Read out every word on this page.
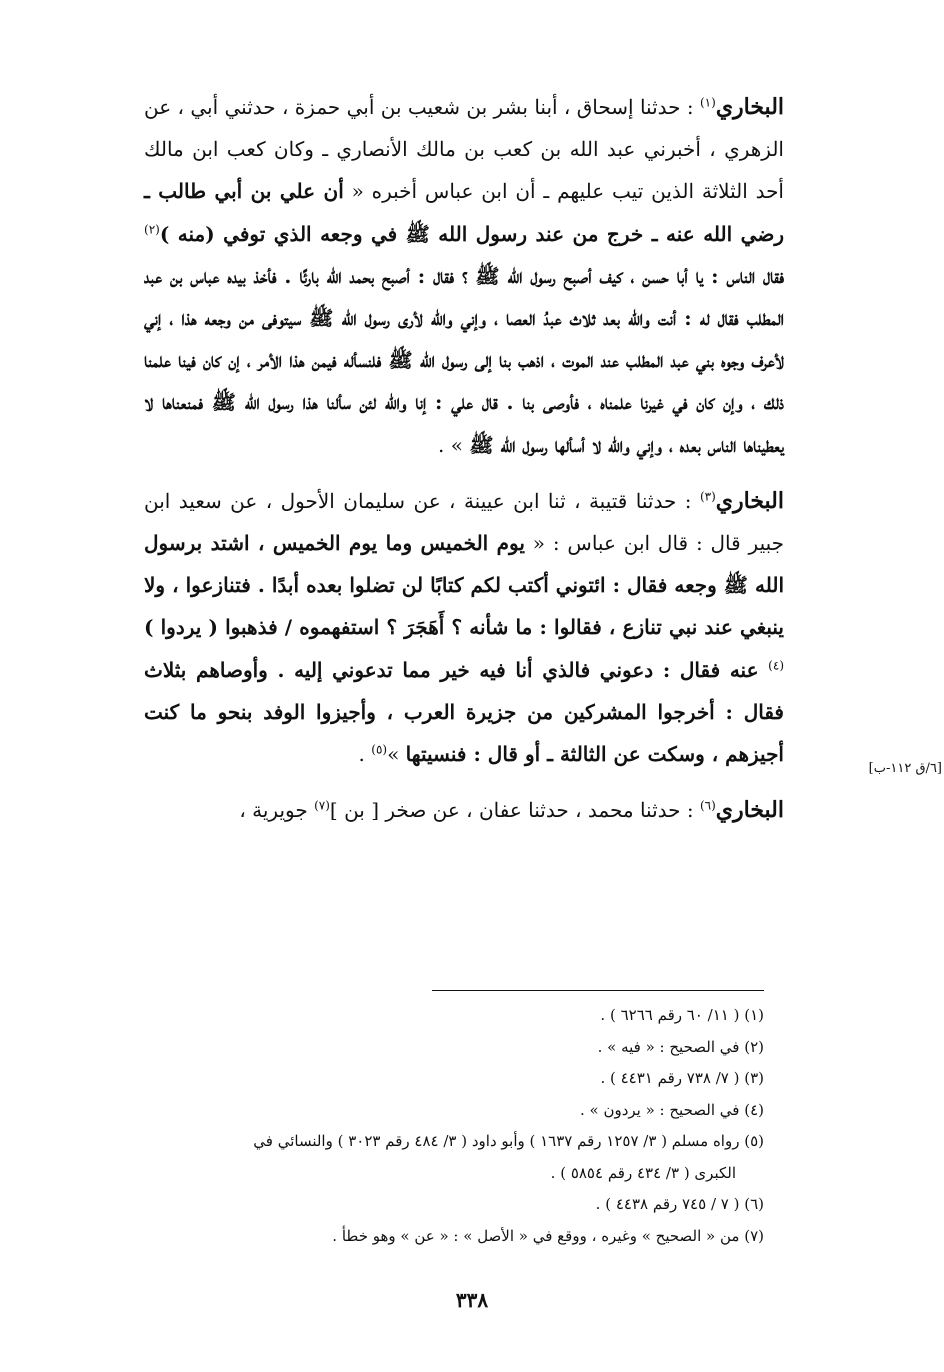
البخاري$^{(١)}$ : حدثنا إسحاق ، أبنا بشر بن شعيب بن أبي حمزة ، حدثني أبي ، عن الزهري ، أخبرني عبد الله بن كعب بن مالك الأنصاري ـ وكان كعب ابن مالك أحد الثلاثة الذين تيب عليهم ـ أن ابن عباس أخبره « أن علي بن أبي طالب ـ رضي الله عنه ـ خرج من عند رسول الله ﷺ في وجعه الذي توفي (منه )$^{(٢)}$ فقال الناس : يا أبا حسن ، كيف أصبح رسول الله ﷺ ؟ فقال : أصبح بحمد الله بارئًا . فأخذ بيده عباس بن عبد المطلب فقال له : أنت والله بعد ثلاث عبدُ العصا ، وإني والله لأرى رسول الله ﷺ سيتوفى من وجعه هذا ، إني لأعرف وجوه بني عبد المطلب عند الموت ، اذهب بنا إلى رسول الله ﷺ فلنسأله فيمن هذا الأمر ، إن كان فينا علمنا ذلك ، وإن كان في غيرنا علمناه ، فأوصى بنا . قال علي : إنا والله لئن سألنا هذا رسول الله ﷺ فمنعناها لا يعطيناها الناس بعده ، وإني والله لا أسألها رسول الله ﷺ » .

البخاري$^{(٣)}$ : حدثنا قتيبة ، ثنا ابن عيينة ، عن سليمان الأحول ، عن سعيد ابن جبير قال : قال ابن عباس : « يوم الخميس وما يوم الخميس ، اشتد برسول الله ﷺ وجعه فقال : ائتوني أكتب لكم كتابًا لن تضلوا بعده أبدًا . فتنازعوا ، ولا ينبغي عند نبي تنازع ، فقالوا : ما شأنه ؟ أَهَجَرَ ؟ استفهموه / فذهبوا ( يردوا )$^{(٤)}$ عنه فقال : دعوني فالذي أنا فيه خير مما تدعوني إليه . وأوصاهم بثلاث فقال : أخرجوا المشركين من جزيرة العرب ، وأجيزوا الوفد بنحو ما كنت أجيزهم ، وسكت عن الثالثة ـ أو قال : فنسيتها »$^{(٥)}$ .

البخاري$^{(٦)}$ : حدثنا محمد ، حدثنا عفان ، عن صخر [ بن ]$^{(٧)}$ جويرية ،

[٦/ق ١١٢-ب]

(١) ( ١١/ ٦٠ رقم ٦٢٦٦ ) .

(٢) في الصحيح : « فيه » .

(٣) ( ٧/ ٧٣٨ رقم ٤٤٣١ ) .

(٤) في الصحيح : « يردون » .

(٥) رواه مسلم ( ٣/ ١٢٥٧ رقم ١٦٣٧ ) وأبو داود ( ٣/ ٤٨٤ رقم ٣٠٢٣ ) والنسائي في
الكبرى ( ٣/ ٤٣٤ رقم ٥٨٥٤ ) .

(٦) ( ٧ / ٧٤٥ رقم ٤٤٣٨ ) .

(٧) من « الصحيح » وغيره ، ووقع في « الأصل » : « عن » وهو خطأ .

٣٣٨
